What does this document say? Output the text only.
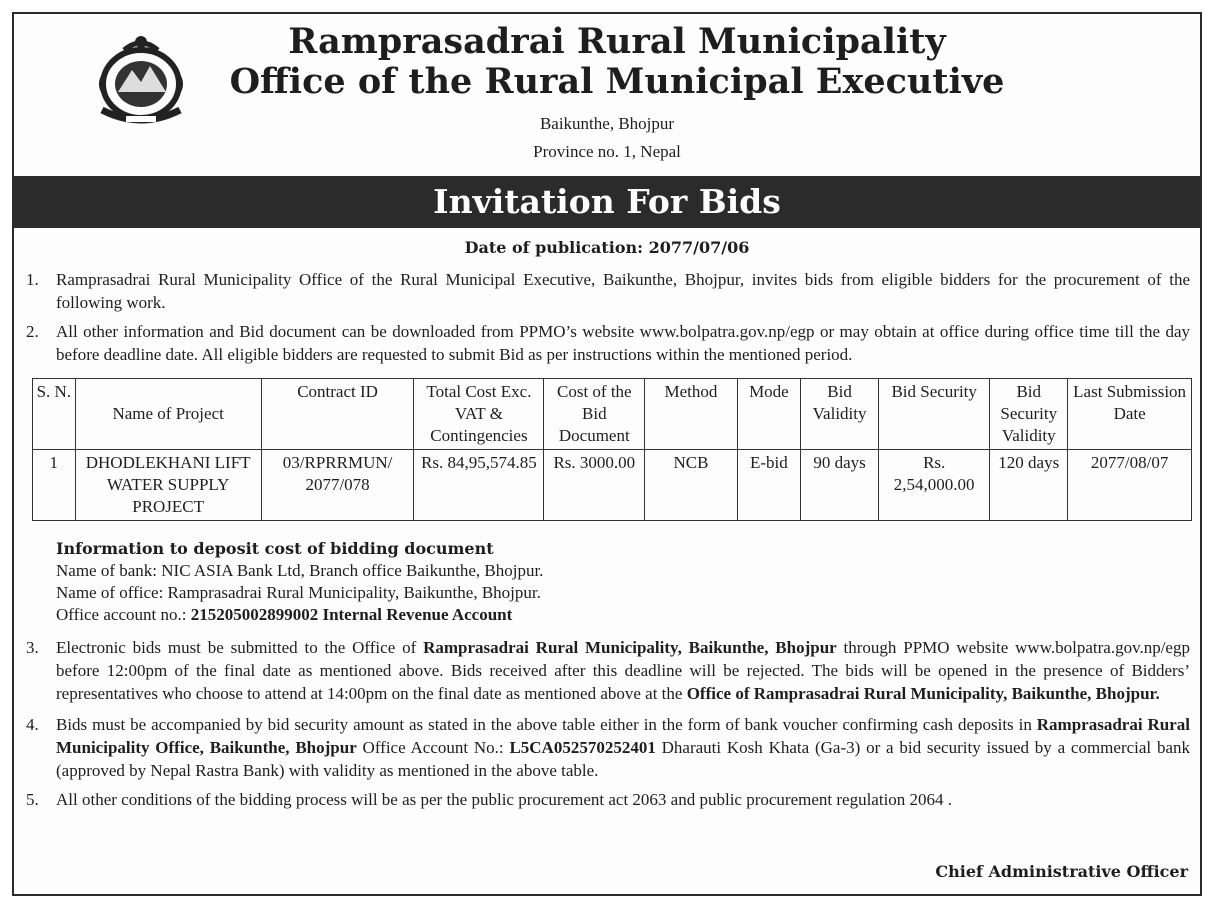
Ramprasadrai Rural Municipality
Office of the Rural Municipal Executive
Baikunthe, Bhojpur
Province no. 1, Nepal
Invitation For Bids
Date of publication: 2077/07/06
1.	Ramprasadrai Rural Municipality Office of the Rural Municipal Executive, Baikunthe, Bhojpur, invites bids from eligible bidders for the procurement of the following work.
2.	All other information and Bid document can be downloaded from PPMO’s website www.bolpatra.gov.np/egp or may obtain at office during office time till the day before deadline date. All eligible bidders are requested to submit Bid as per instructions within the mentioned period.
S. N.	Name of Project	Contract ID	Total Cost Exc. VAT & Contingencies	Cost of the Bid Document	Method	Mode	Bid Validity	Bid Security	Bid Security Validity	Last Submission Date
1	DHODLEKHANI LIFT WATER SUPPLY PROJECT	03/RPRRMUN/ 2077/078	Rs. 84,95,574.85	Rs. 3000.00	NCB	E-bid	90 days	Rs. 2,54,000.00	120 days	2077/08/07
Information to deposit cost of bidding document
Name of bank: NIC ASIA Bank Ltd, Branch office Baikunthe, Bhojpur.
Name of office: Ramprasadrai Rural Municipality, Baikunthe, Bhojpur.
Office account no.: 215205002899002 Internal Revenue Account
3.	Electronic bids must be submitted to the Office of Ramprasadrai Rural Municipality, Baikunthe, Bhojpur through PPMO website www.bolpatra.gov.np/egp before 12:00pm of the final date as mentioned above. Bids received after this deadline will be rejected. The bids will be opened in the presence of Bidders’ representatives who choose to attend at 14:00pm on the final date as mentioned above at the Office of Ramprasadrai Rural Municipality, Baikunthe, Bhojpur.
4.	Bids must be accompanied by bid security amount as stated in the above table either in the form of bank voucher confirming cash deposits in Ramprasadrai Rural Municipality Office, Baikunthe, Bhojpur Office Account No.: L5CA052570252401 Dharauti Kosh Khata (Ga-3) or a bid security issued by a commercial bank (approved by Nepal Rastra Bank) with validity as mentioned in the above table.
5.	All other conditions of the bidding process will be as per the public procurement act 2063 and public procurement regulation 2064 .
Chief Administrative Officer
